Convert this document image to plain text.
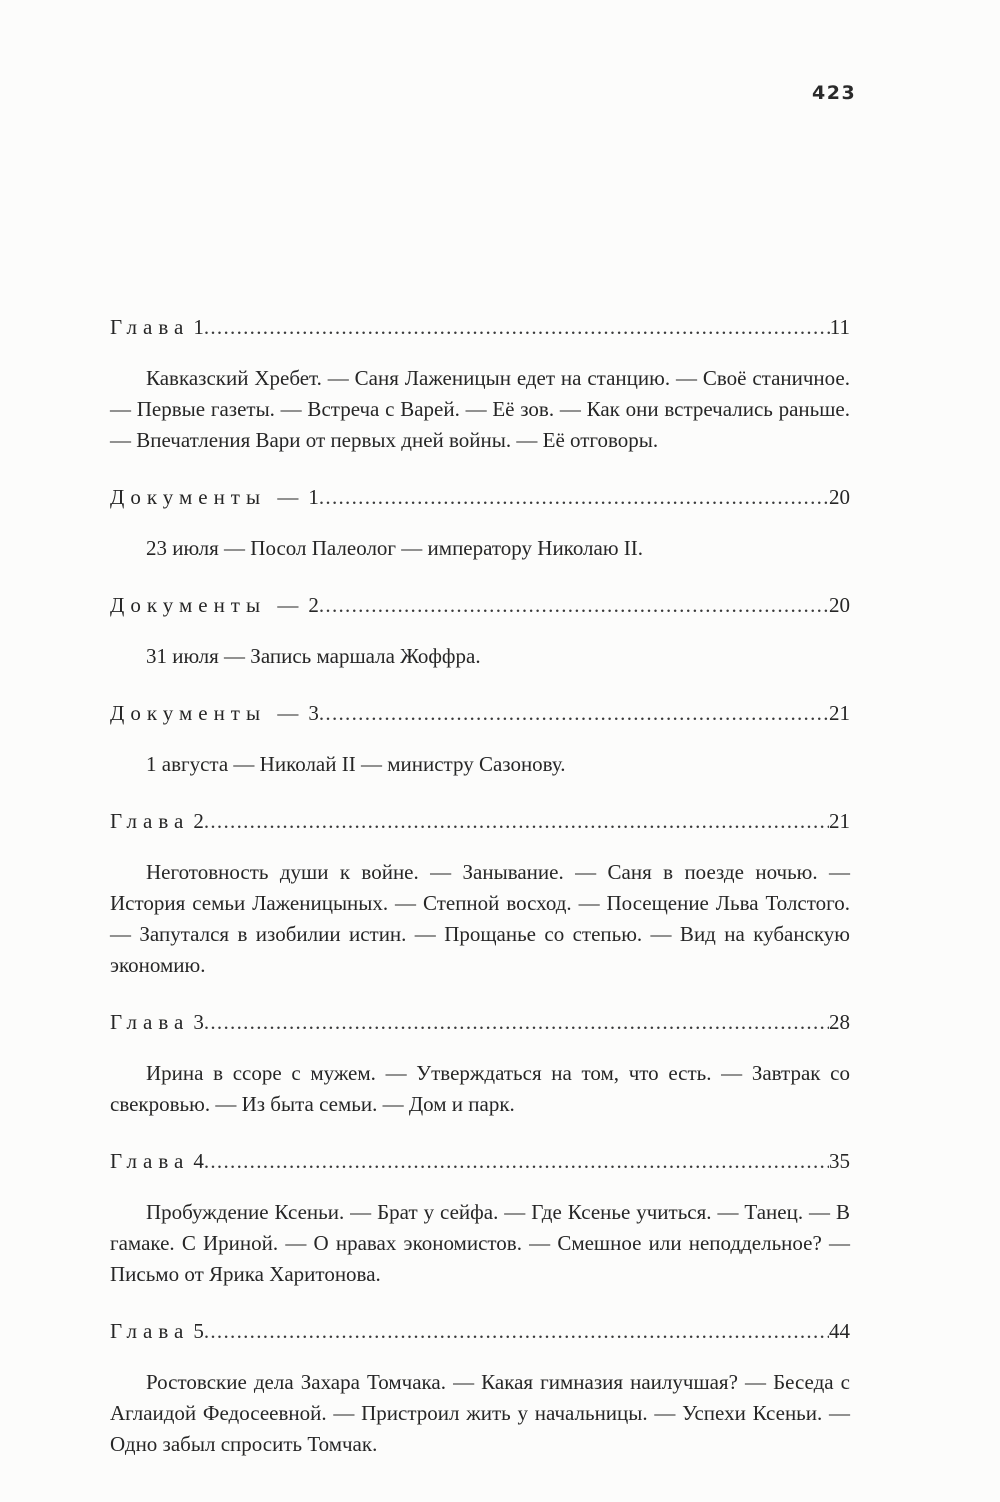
423
Глава 1 .....	11

Кавказский Хребет. — Саня Лаженицын едет на станцию. — Своё станичное. — Первые газеты. — Встреча с Варей. — Её зов. — Как они встречались раньше. — Впечатления Вари от первых дней войны. — Её отговоры.

Документы — 1 .....	20

23 июля — Посол Палеолог — императору Николаю II.

Документы — 2 .....	20

31 июля — Запись маршала Жоффра.

Документы — 3 .....	21

1 августа — Николай II — министру Сазонову.

Глава 2 .....	21

Неготовность души к войне. — Занывание. — Саня в поезде ночью. — История семьи Лаженицыных. — Степной восход. — Посещение Льва Толстого. — Запутался в изобилии истин. — Прощанье со степью. — Вид на кубанскую экономию.

Глава 3 .....	28

Ирина в ссоре с мужем. — Утверждаться на том, что есть. — Завтрак со свекровью. — Из быта семьи. — Дом и парк.

Глава 4 .....	35

Пробуждение Ксеньи. — Брат у сейфа. — Где Ксенье учиться. — Танец. — В гамаке. С Ириной. — О нравах экономистов. — Смешное или неподдельное? — Письмо от Ярика Харитонова.

Глава 5 .....	44

Ростовские дела Захара Томчака. — Какая гимназия наилучшая? — Беседа с Аглаидой Федосеевной. — Пристроил жить у начальницы. — Успехи Ксеньи. — Одно забыл спросить Томчак.
